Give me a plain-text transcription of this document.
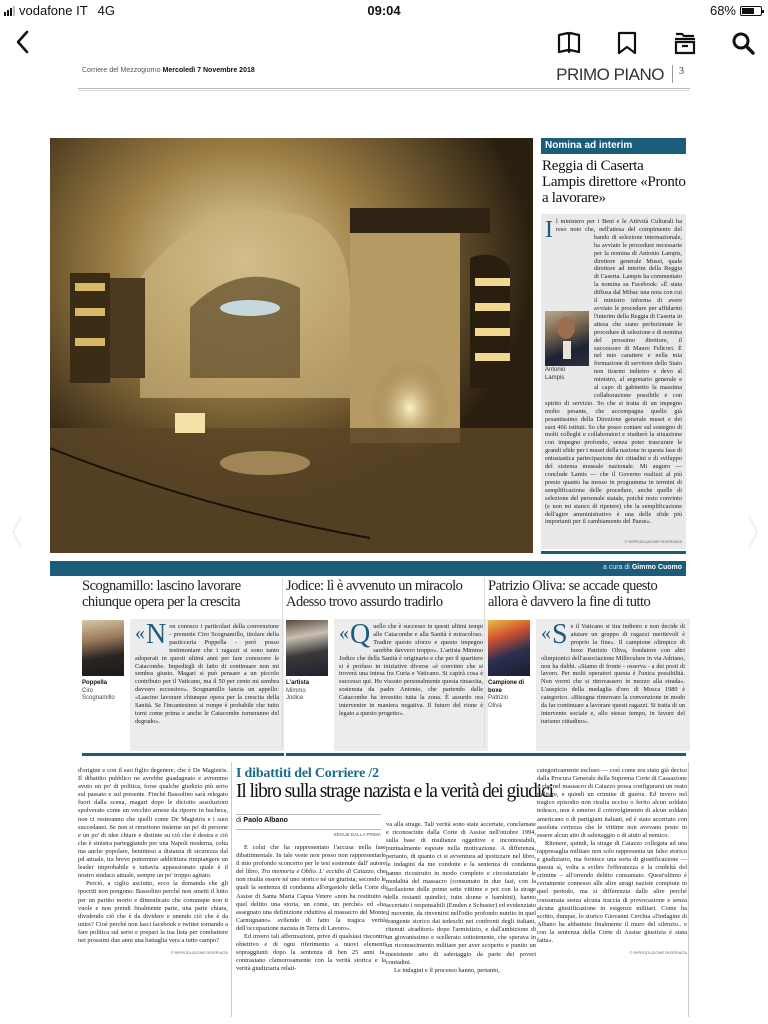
vodafone IT 4G	09:04	68%
Corriere del Mezzogiorno Mercoledì 7 Novembre 2018	PRIMO PIANO 3
Nomina ad interim
Reggia di Caserta Lampis direttore «Pronto a lavorare»
I
Antonio
Lampis
l ministero per i Beni e le Attività Culturali ha reso noto che, nell'attesa del compimento del bando di selezione internazionale, ha avviato le procedure necessarie per la nomina di Antonio Lampis, direttore generale Musei, quale direttore ad interim della Reggia di Caserta. Lampis ha commentato la nomina su Facebook: «È stata diffusa dal Mibac una nota con cui il ministro informa di avere avviato le procedure per affidarmi l'interim della Reggia di Caserta in attesa che siano perfezionate le procedure di selezione e di nomina del prossimo direttore, il successore di Mauro Felicori. È nel mio carattere e nella mia formazione di servitore dello Stato non tirarmi indietro e devo al ministro, al segretario generale e al capo di gabinetto la massima collaborazione possibile e con spirito di servizio. So che si tratta di un impegno molto pesante, che accompagna quello già pesantissimo della Direzione generale musei e dei suoi 466 istituti. So che posso contare sul sostegno di molti colleghi e collaboratori e studierò la situazione con impegno profondo, senza poter trascurare le grandi sfide per i musei della nazione in questa fase di entusiastica partecipazione dei cittadini e di sviluppo del sistema museale nazionale. Mi auguro — conclude Lamis — che il Governo realizzi al più presto quanto ha messo in programma in termini di semplificazione delle procedure, anche quelle di selezione del personale statale, poiché resto convinto (e non mi stanco di ripetere) che la semplificazione dell'agire amministrativo è una delle sfide più importanti per il cambiamento del Paese».
© RIPRODUZIONE RISERVATA
a cura di Gimmo Cuomo
Scognamillo: lascino lavorare chiunque opera per la crescita
Poppella
Ciro
Scognamillo
« N on conosco i particolari della convenzione - premette Ciro Scognamillo, titolare della pasticceria Poppella - però posso testimoniare che i ragazzi si sono tanto adoperati in questi ultimi anni per fare conoscere le Catacombe. Impedirgli di fatto di continuare non mi sembra giusto. Magari si può pensare a un piccolo contributo per il Vaticano, ma il 50 per cento mi sembra davvero eccessivo». Scognamillo lancia un appello: «Lascino lavorare chiunque opera per la crescita della Sanità. Se l'incantesimo si rompe è probabile che tutto torni come prima e anche le Catacombe torneranno del degrado».
Jodice: lì è avvenuto un miracolo Adesso trovo assurdo tradirlo
L'artista
Mimmo
Jodice
« Q uello che è successo in questi ultimi tempi alle Catacombe e alla Sanità è miracoloso. Tradire questo sforzo e questo impegno sarebbe davvero troppo». L'artista Mimmo Jodice che della Sanità è originario e che per il quartiere si è profuso in iniziative diverse «è convinto che si troverà una intesa fra Curia e Vaticano. Si capirà cosa è successo qui. Ho vissuto personalmente questa rinascita, sostenuta da padre Antonio, che partendo dalle Catacombe ha investito tutta la zona. È assurdo ora intervenire in maniera negativa. Il futuro del rione è legato a questo progetto».
Patrizio Oliva: se accade questo allora è davvero la fine di tutto
Campione di boxe
Patrizio
Oliva
« S e il Vaticano si tira indietro e non decide di aiutare un gruppo di ragazzi meritevoli è proprio la fine». Il campione olimpico di boxe Patrizio Oliva, fondatore con altri olimpionici dell'associazione Milleculure in via Adriano, non ha dubbi. «Siamo di fronte - osserva - a dei posti di lavoro. Per molti operatori questa è l'unica possibilità. Non vorrei che si ritrovassero in mezzo alla strada». L'auspicio della medaglia d'oro di Mosca 1980 è categorico. «Bisogna rinnovare la convenzione in modo da far continuare a lavorare questi ragazzi. Si tratta di un intervento sociale e, allo stesso tempo, in favore del turismo cittadino».

d'origine e con il suo figlio degenere, che è De Magistris. Il dibattito pubblico ne avrebbe guadagnato e avremmo avuto un po' di politica, forse qualche giudizio più serio sul passato e sul presente. Finché Bassolino sarà relegato fuori dalla scena, magari dopo le diciotto assoluzioni spolverato come un vecchio arnese da riporre in bacheca, non ci resteranno che quelli come De Magistris e i suoi succedanei. Se non si rimettono insieme un po' di persone e un po' di idee chiare e distinte su ciò che è destra e ciò che è sinistra parteggiando per una Napoli moderna, colta ma anche popolare, beninteso a distanza di sicurezza dal pd attuale, tra breve potremmo addirittura rimpiangere un leader improbabile e tuttavia appassionato quale è il nostro sindaco attuale, sempre un po' troppo agitato.

Perciò, a ciglio asciutto, ecco la domanda che gli ipocriti non pongono: Bassolino perché non smetti il lutto per un partito morto e dimenticato che comunque non ti vuole e non prendi finalmente parte, una parte chiara, dividendo ciò che è da dividere e unendo ciò che è da unire? Cioè perché non lasci facebook e twitter tornando a fare politica sul serio e prepari la tua lista per combattere nei prossimi due anni una battaglia vera a tutto campo?

© RIPRODUZIONE RISERVATA
I dibattiti del Corriere /2
Il libro sulla strage nazista e la verità dei giudici
di Paolo Albano
SEGUE DALLA PRIMA

E colui che ha rappresentato l'accusa nella fase dibattimentale. In tale veste non posso non rappresentarle il mio profondo sconcerto per le tesi sostenute dall' autore del libro, Tra memoria e Oblio. L' eccidio di Caiazzo, che non risulta essere né uno storico né un giurista, secondo le quali la sentenza di condanna all'ergastolo della Corte di Assise di Santa Maria Capua Vetere «non ha restituito a quel delitto una storia, un come, un perché» ed «ha assegnato una definizione riduttiva al massacro del Monte Carmignano» svilendo di fatto la tragica verità dell'occupazione nazista in Terra di Lavoro».

Ed invero tali affermazioni, prive di qualsiasi riscontro obiettivo e di ogni riferimento a nuovi elementi sopraggiunti dopo la sentenza di ben 25 anni fa, contrastano clamorosamente con la verità storica e la verità giudiziaria relati-

va alla strage. Tali verità sono state accertate, conclamate e riconosciute dalla Corte di Assise nell'ottobre 1994, sulla base di risultanze oggettive e incontestabili, puntualmente esposte nella motivazione. A differenza, pertanto, di quanto ci si avventura ad ipotizzare nel libro, le indagini da me condotte e la sentenza di condanna hanno ricostruito in modo completo e circostanziato le modalità del massacro (consumato in due fasi, con la fucilazione delle prime sette vittime e poi con la strage delle restanti quindici, tutte donne e bambini), hanno accertato i responsabili (Emden e Schuster) ed evidenziato il movente, da rinvenirsi nell'odio profondo nutrito in quel frangente storico dai tedeschi nei confronti degli italiani, ritenuti «traditori» dopo l'armistizio, e dall'ambizione di un giovanissimo e scellerato sottotenente, che sperava in un riconoscimento militare per aver scoperto e punito un inesistente atto di sabotaggio da parte dei poveri contadini.

Le indagini e il processo hanno, pertanto,

categoricamente escluso — così come era stato già deciso dalla Procura Generale della Suprema Corte di Cassazione – che nel massacro di Caiazzo possa configurarsi un reato militare, e quindi un crimine di guerra. Ed invero nel tragico episodio non risulta ucciso o ferito alcun soldato tedesco, non è emerso il coinvolgimento di alcun soldato americano o di partigiani italiani, ed è stato accertato con assoluta certezza che le vittime non avevano posto in essere alcun atto di sabotaggio o di aiuto al nemico.

Ritenere, quindi, la strage di Caiazzo collegata ad una rappresaglia militare non solo rappresenta un falso storico e giudiziario, ma fornisce una sorta di giustificazione — questa sì, volta a svilire l'efferatezza e la crudeltà del crimine – all'orrendo delitto consumato. Quest'ultimo è certamente connesso alle altre stragi naziste compiute in quel periodo, ma si differenzia dalle altre perché consumata senza alcuna traccia di provocazione e senza alcuna giustificazione in esigenze militari. Come ha scritto, dunque, lo storico Giovanni Cerchia «l'indagine di Albano ha abbattuto finalmente il muro del silenzio.. e con la sentenza della Corte di Assise giustizia è stata fatta».

© RIPRODUZIONE RISERVATA
